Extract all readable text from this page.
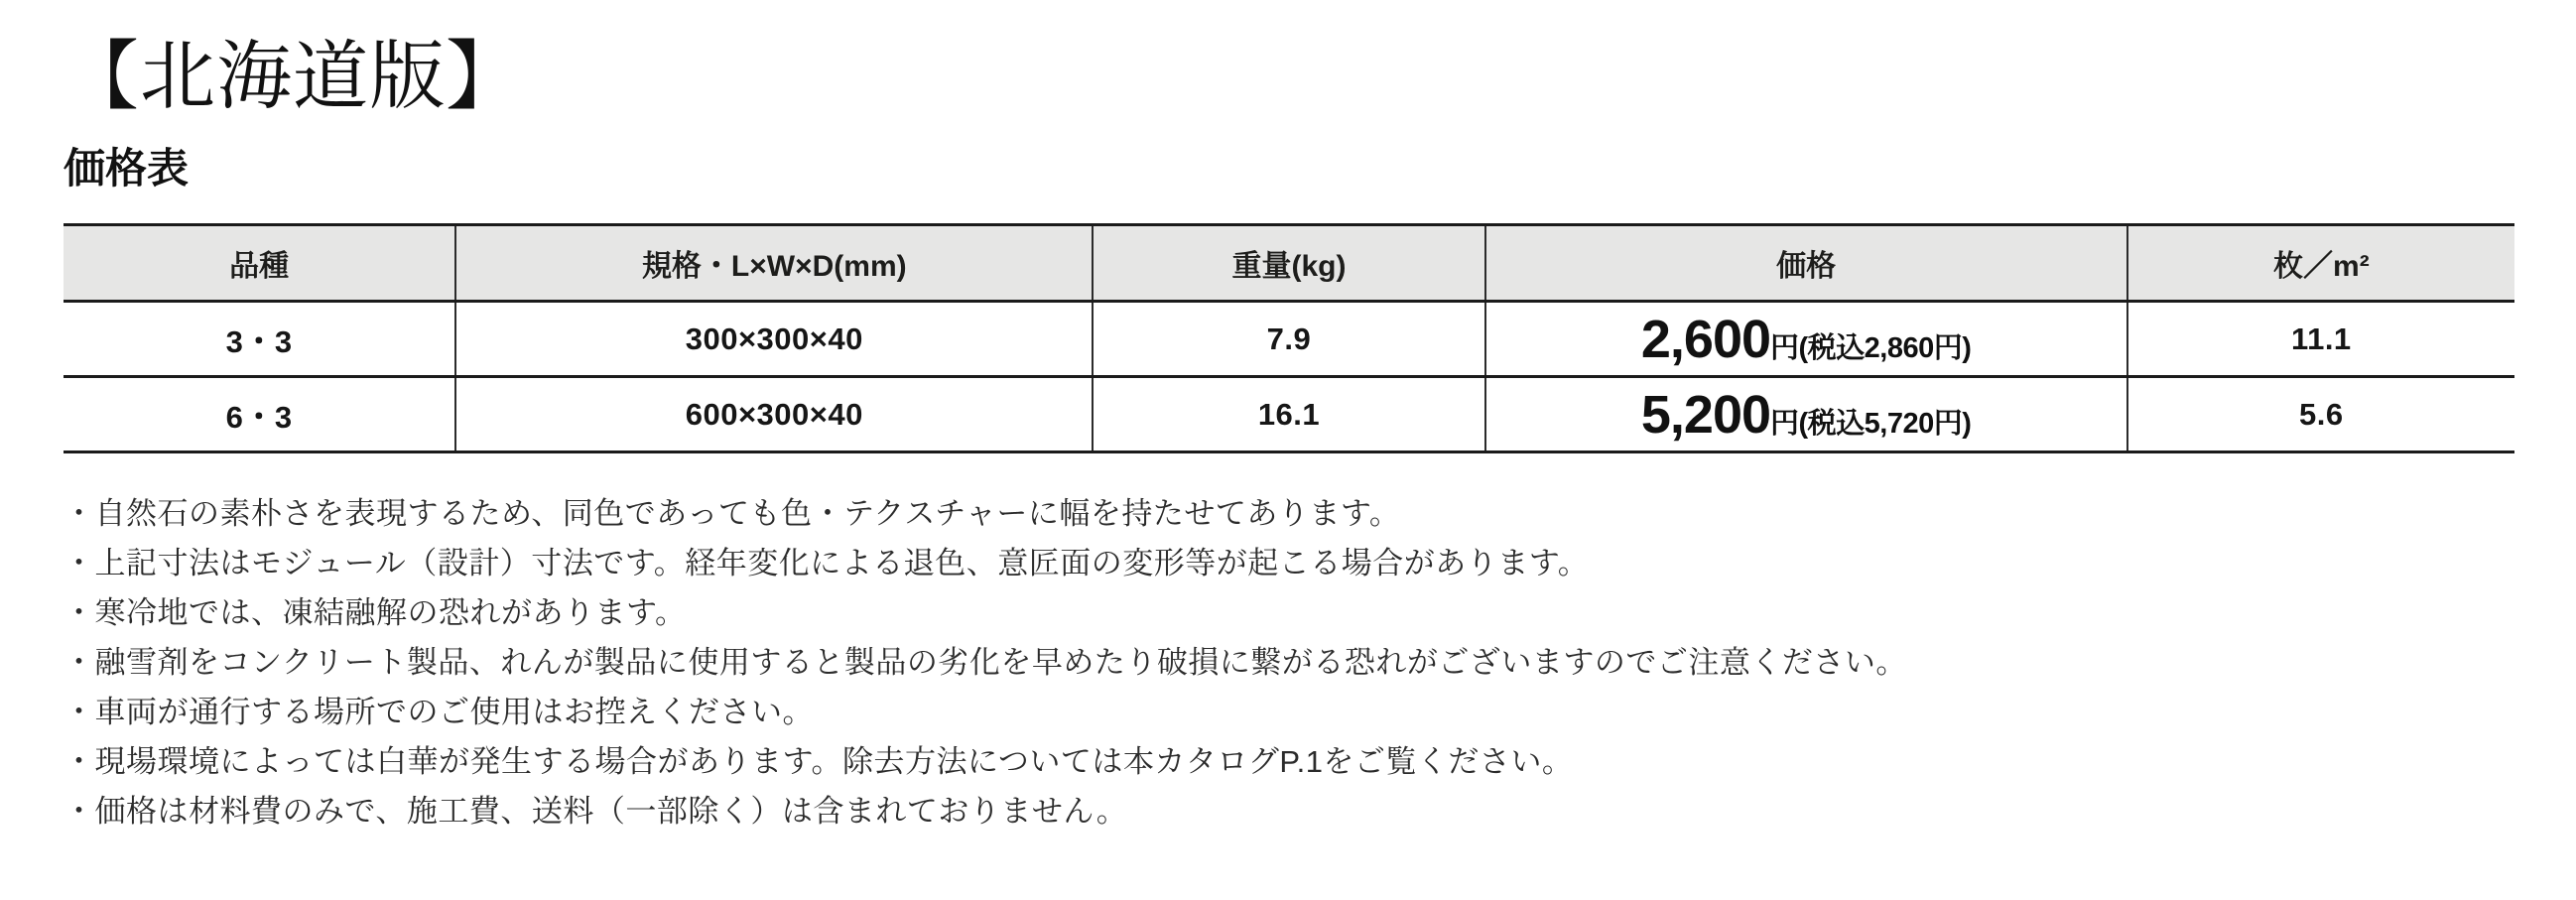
【北海道版】
価格表
品種	規格・L×W×D(mm)	重量(kg)	価格	枚／m²
3・3	300×300×40	7.9	2,600円(税込2,860円)	11.1
6・3	600×300×40	16.1	5,200円(税込5,720円)	5.6
・自然石の素朴さを表現するため、同色であっても色・テクスチャーに幅を持たせてあります。
・上記寸法はモジュール（設計）寸法です。経年変化による退色、意匠面の変形等が起こる場合があります。
・寒冷地では、凍結融解の恐れがあります。
・融雪剤をコンクリート製品、れんが製品に使用すると製品の劣化を早めたり破損に繋がる恐れがございますのでご注意ください。
・車両が通行する場所でのご使用はお控えください。
・現場環境によっては白華が発生する場合があります。除去方法については本カタログP.1をご覧ください。
・価格は材料費のみで、施工費、送料（一部除く）は含まれておりません。
